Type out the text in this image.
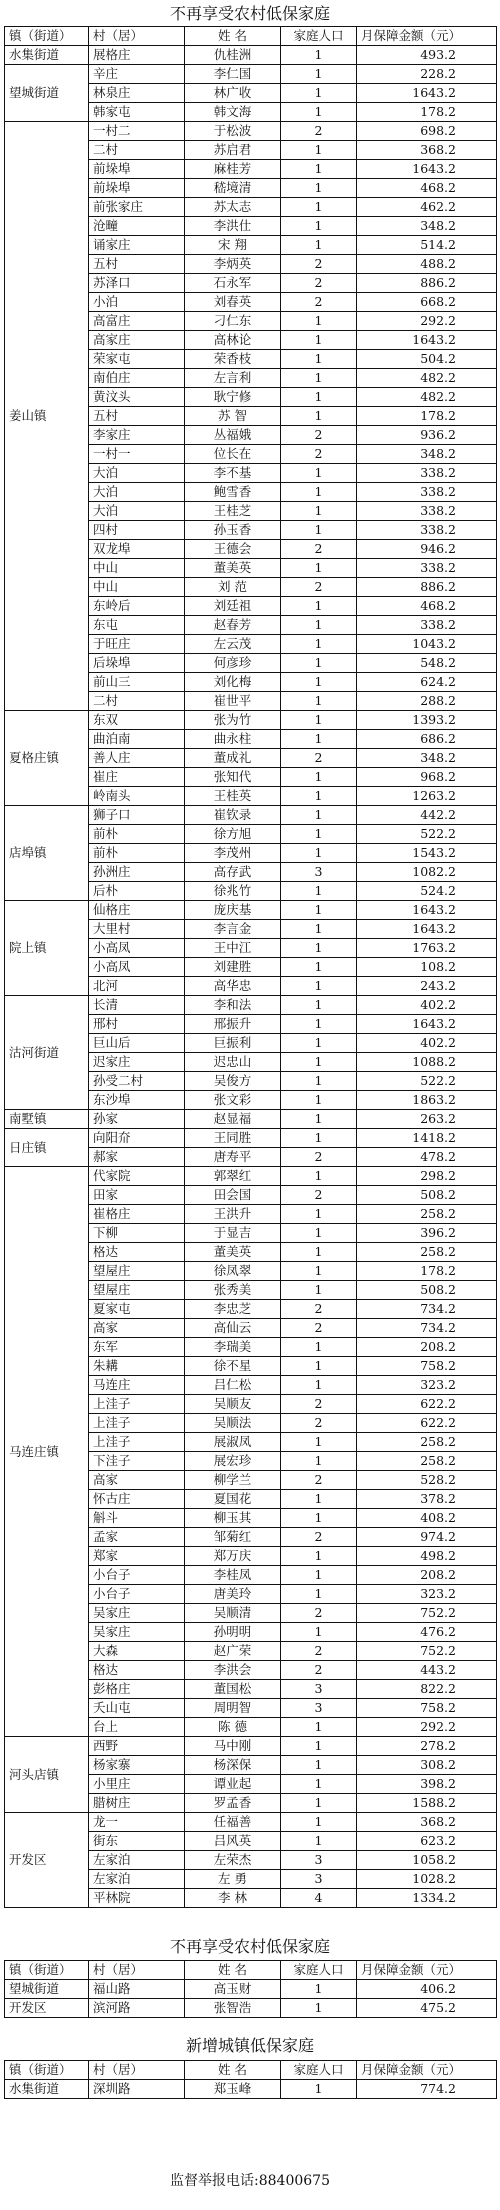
不再享受农村低保家庭
镇（街道）	村（居）	姓 名	家庭人口	月保障金额（元）
水集街道	展格庄	仇桂洲	1	493.2
望城街道	辛庄	李仁国	1	228.2
	林泉庄	林广收	1	1643.2
	韩家屯	韩文海	1	178.2
姜山镇	一村二	于松波	2	698.2
	二村	苏启君	1	368.2
	前垛埠	麻桂芳	1	1643.2
	前垛埠	嵇境清	1	468.2
	前张家庄	苏太志	1	462.2
	沧疃	李洪仕	1	348.2
	诵家庄	宋 翔	1	514.2
	五村	李炳英	2	488.2
	苏泽口	石永军	2	886.2
	小泊	刘春英	2	668.2
	高富庄	刁仁东	1	292.2
	高家庄	高林论	1	1643.2
	荣家屯	荣香枝	1	504.2
	南伯庄	左言利	1	482.2
	黄汶头	耿宁修	1	482.2
	五村	苏 智	1	178.2
	李家庄	丛福娥	2	936.2
	一村一	位长在	2	348.2
	大泊	李不基	1	338.2
	大泊	鲍雪香	1	338.2
	大泊	王桂芝	1	338.2
	四村	孙玉香	1	338.2
	双龙埠	王德会	2	946.2
	中山	董美英	1	338.2
	中山	刘 范	2	886.2
	东岭后	刘廷祖	1	468.2
	东屯	赵春芳	1	338.2
	于旺庄	左云茂	1	1043.2
	后垛埠	何彦珍	1	548.2
	前山三	刘化梅	1	624.2
	二村	崔世平	1	288.2
夏格庄镇	东双	张为竹	1	1393.2
	曲泊南	曲永柱	1	686.2
	善人庄	董成礼	2	348.2
	崔庄	张知代	1	968.2
	岭南头	王桂英	1	1263.2
店埠镇	狮子口	崔钦录	1	442.2
	前朴	徐方旭	1	522.2
	前朴	李茂州	1	1543.2
	孙洲庄	高存武	3	1082.2
	后朴	徐兆竹	1	524.2
院上镇	仙格庄	庞庆基	1	1643.2
	大里村	李言金	1	1643.2
	小高凤	王中江	1	1763.2
	小高凤	刘建胜	1	108.2
	北河	高华忠	1	243.2
沽河街道	长清	李和法	1	402.2
	邢村	邢振升	1	1643.2
	巨山后	巨振利	1	402.2
	迟家庄	迟忠山	1	1088.2
	孙受二村	吴俊方	1	522.2
	东沙埠	张文彩	1	1863.2
南墅镇	孙家	赵显福	1	263.2
日庄镇	向阳夼	王同胜	1	1418.2
	郝家	唐寿平	2	478.2
马连庄镇	代家院	郭翠红	1	298.2
	田家	田会国	2	508.2
	崔格庄	王洪升	1	258.2
	下柳	于显吉	1	396.2
	格达	董美英	1	258.2
	望屋庄	徐凤翠	1	178.2
	望屋庄	张秀美	1	508.2
	夏家屯	李忠芝	2	734.2
	高家	高仙云	2	734.2
	东军	李瑞美	1	208.2
	朱耩	徐不星	1	758.2
	马连庄	吕仁松	1	323.2
	上洼子	吴顺友	2	622.2
	上洼子	吴顺法	2	622.2
	上洼子	展淑凤	1	258.2
	下洼子	展宏珍	1	258.2
	高家	柳学兰	2	528.2
	怀古庄	夏国花	1	378.2
	斛斗	柳玉其	1	408.2
	孟家	邹菊红	2	974.2
	郑家	郑万庆	1	498.2
	小台子	李桂凤	1	208.2
	小台子	唐美玲	1	323.2
	吴家庄	吴顺清	2	752.2
	吴家庄	孙明明	1	476.2
	大森	赵广荣	2	752.2
	格达	李洪会	2	443.2
	彭格庄	董国松	3	822.2
	夭山屯	周明智	3	758.2
	台上	陈 德	1	292.2
河头店镇	西野	马中刚	1	278.2
	杨家寨	杨深保	1	308.2
	小里庄	谭业起	1	398.2
	腊树庄	罗孟香	1	1588.2
开发区	龙一	任福善	1	368.2
	街东	吕风英	1	623.2
	左家泊	左荣杰	3	1058.2
	左家泊	左 勇	3	1028.2
	平林院	李 林	4	1334.2
不再享受农村低保家庭
镇（街道）	村（居）	姓 名	家庭人口	月保障金额（元）
望城街道	福山路	高玉财	1	406.2
开发区	滨河路	张智浩	1	475.2
新增城镇低保家庭
镇（街道）	村（居）	姓 名	家庭人口	月保障金额（元）
水集街道	深圳路	郑玉峰	1	774.2
监督举报电话:88400675
